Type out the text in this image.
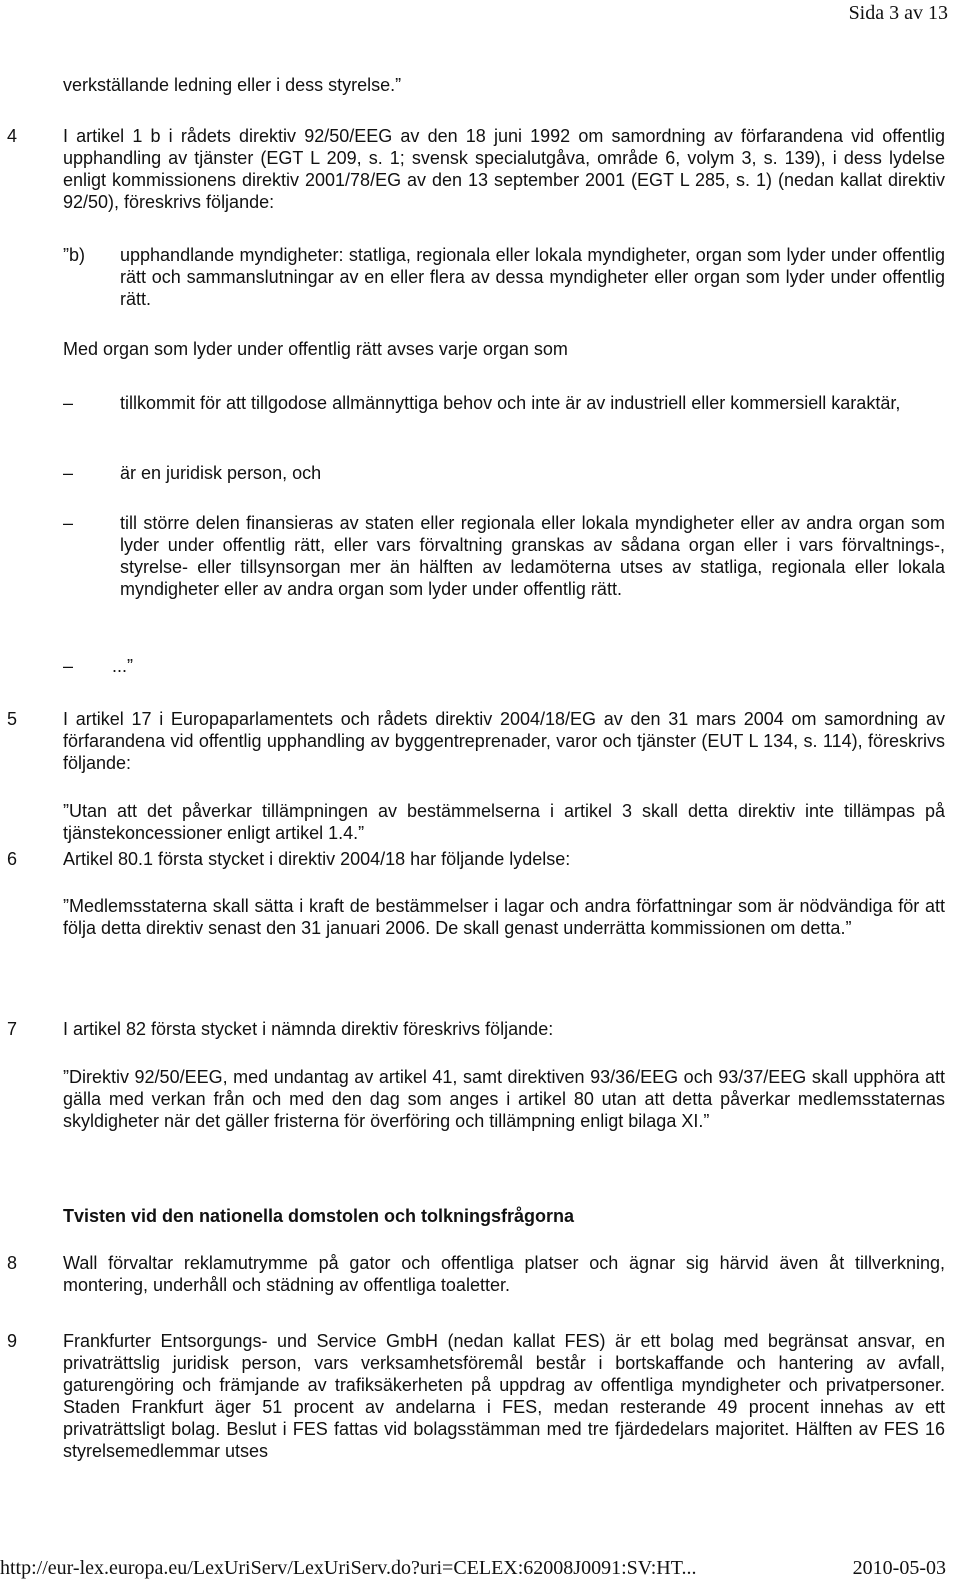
Sida 3 av 13

verkställande ledning eller i dess styrelse.”

4	I artikel 1 b i rådets direktiv 92/50/EEG av den 18 juni 1992 om samordning av förfarandena vid offentlig upphandling av tjänster (EGT L 209, s. 1; svensk specialutgåva, område 6, volym 3, s. 139), i dess lydelse enligt kommissionens direktiv 2001/78/EG av den 13 september 2001 (EGT L 285, s. 1) (nedan kallat direktiv 92/50), föreskrivs följande:

”b) upphandlande myndigheter: statliga, regionala eller lokala myndigheter, organ som lyder under offentlig rätt och sammanslutningar av en eller flera av dessa myndigheter eller organ som lyder under offentlig rätt.

Med organ som lyder under offentlig rätt avses varje organ som

–	tillkommit för att tillgodose allmännyttiga behov och inte är av industriell eller kommersiell karaktär,

–	är en juridisk person, och

–	till större delen finansieras av staten eller regionala eller lokala myndigheter eller av andra organ som lyder under offentlig rätt, eller vars förvaltning granskas av sådana organ eller i vars förvaltnings-, styrelse- eller tillsynsorgan mer än hälften av ledamöterna utses av statliga, regionala eller lokala myndigheter eller av andra organ som lyder under offentlig rätt.

– ...”

5	I artikel 17 i Europaparlamentets och rådets direktiv 2004/18/EG av den 31 mars 2004 om samordning av förfarandena vid offentlig upphandling av byggentreprenader, varor och tjänster (EUT L 134, s. 114), föreskrivs följande:

”Utan att det påverkar tillämpningen av bestämmelserna i artikel 3 skall detta direktiv inte tillämpas på tjänstekoncessioner enligt artikel 1.4.”

6	Artikel 80.1 första stycket i direktiv 2004/18 har följande lydelse:

”Medlemsstaterna skall sätta i kraft de bestämmelser i lagar och andra författningar som är nödvändiga för att följa detta direktiv senast den 31 januari 2006. De skall genast underrätta kommissionen om detta.”

7	I artikel 82 första stycket i nämnda direktiv föreskrivs följande:

”Direktiv 92/50/EEG, med undantag av artikel 41, samt direktiven 93/36/EEG och 93/37/EEG skall upphöra att gälla med verkan från och med den dag som anges i artikel 80 utan att detta påverkar medlemsstaternas skyldigheter när det gäller fristerna för överföring och tillämpning enligt bilaga XI.”

Tvisten vid den nationella domstolen och tolkningsfrågorna
8	Wall förvaltar reklamutrymme på gator och offentliga platser och ägnar sig härvid även åt tillverkning, montering, underhåll och städning av offentliga toaletter.

9	Frankfurter Entsorgungs- und Service GmbH (nedan kallat FES) är ett bolag med begränsat ansvar, en privaträttslig juridisk person, vars verksamhetsföremål består i bortskaffande och hantering av avfall, gaturengöring och främjande av trafiksäkerheten på uppdrag av offentliga myndigheter och privatpersoner. Staden Frankfurt äger 51 procent av andelarna i FES, medan resterande 49 procent innehas av ett privaträttsligt bolag. Beslut i FES fattas vid bolagsstämman med tre fjärdedelars majoritet. Hälften av FES 16 styrelsemedlemmar utses

http://eur-lex.europa.eu/LexUriServ/LexUriServ.do?uri=CELEX:62008J0091:SV:HT...	2010-05-03
